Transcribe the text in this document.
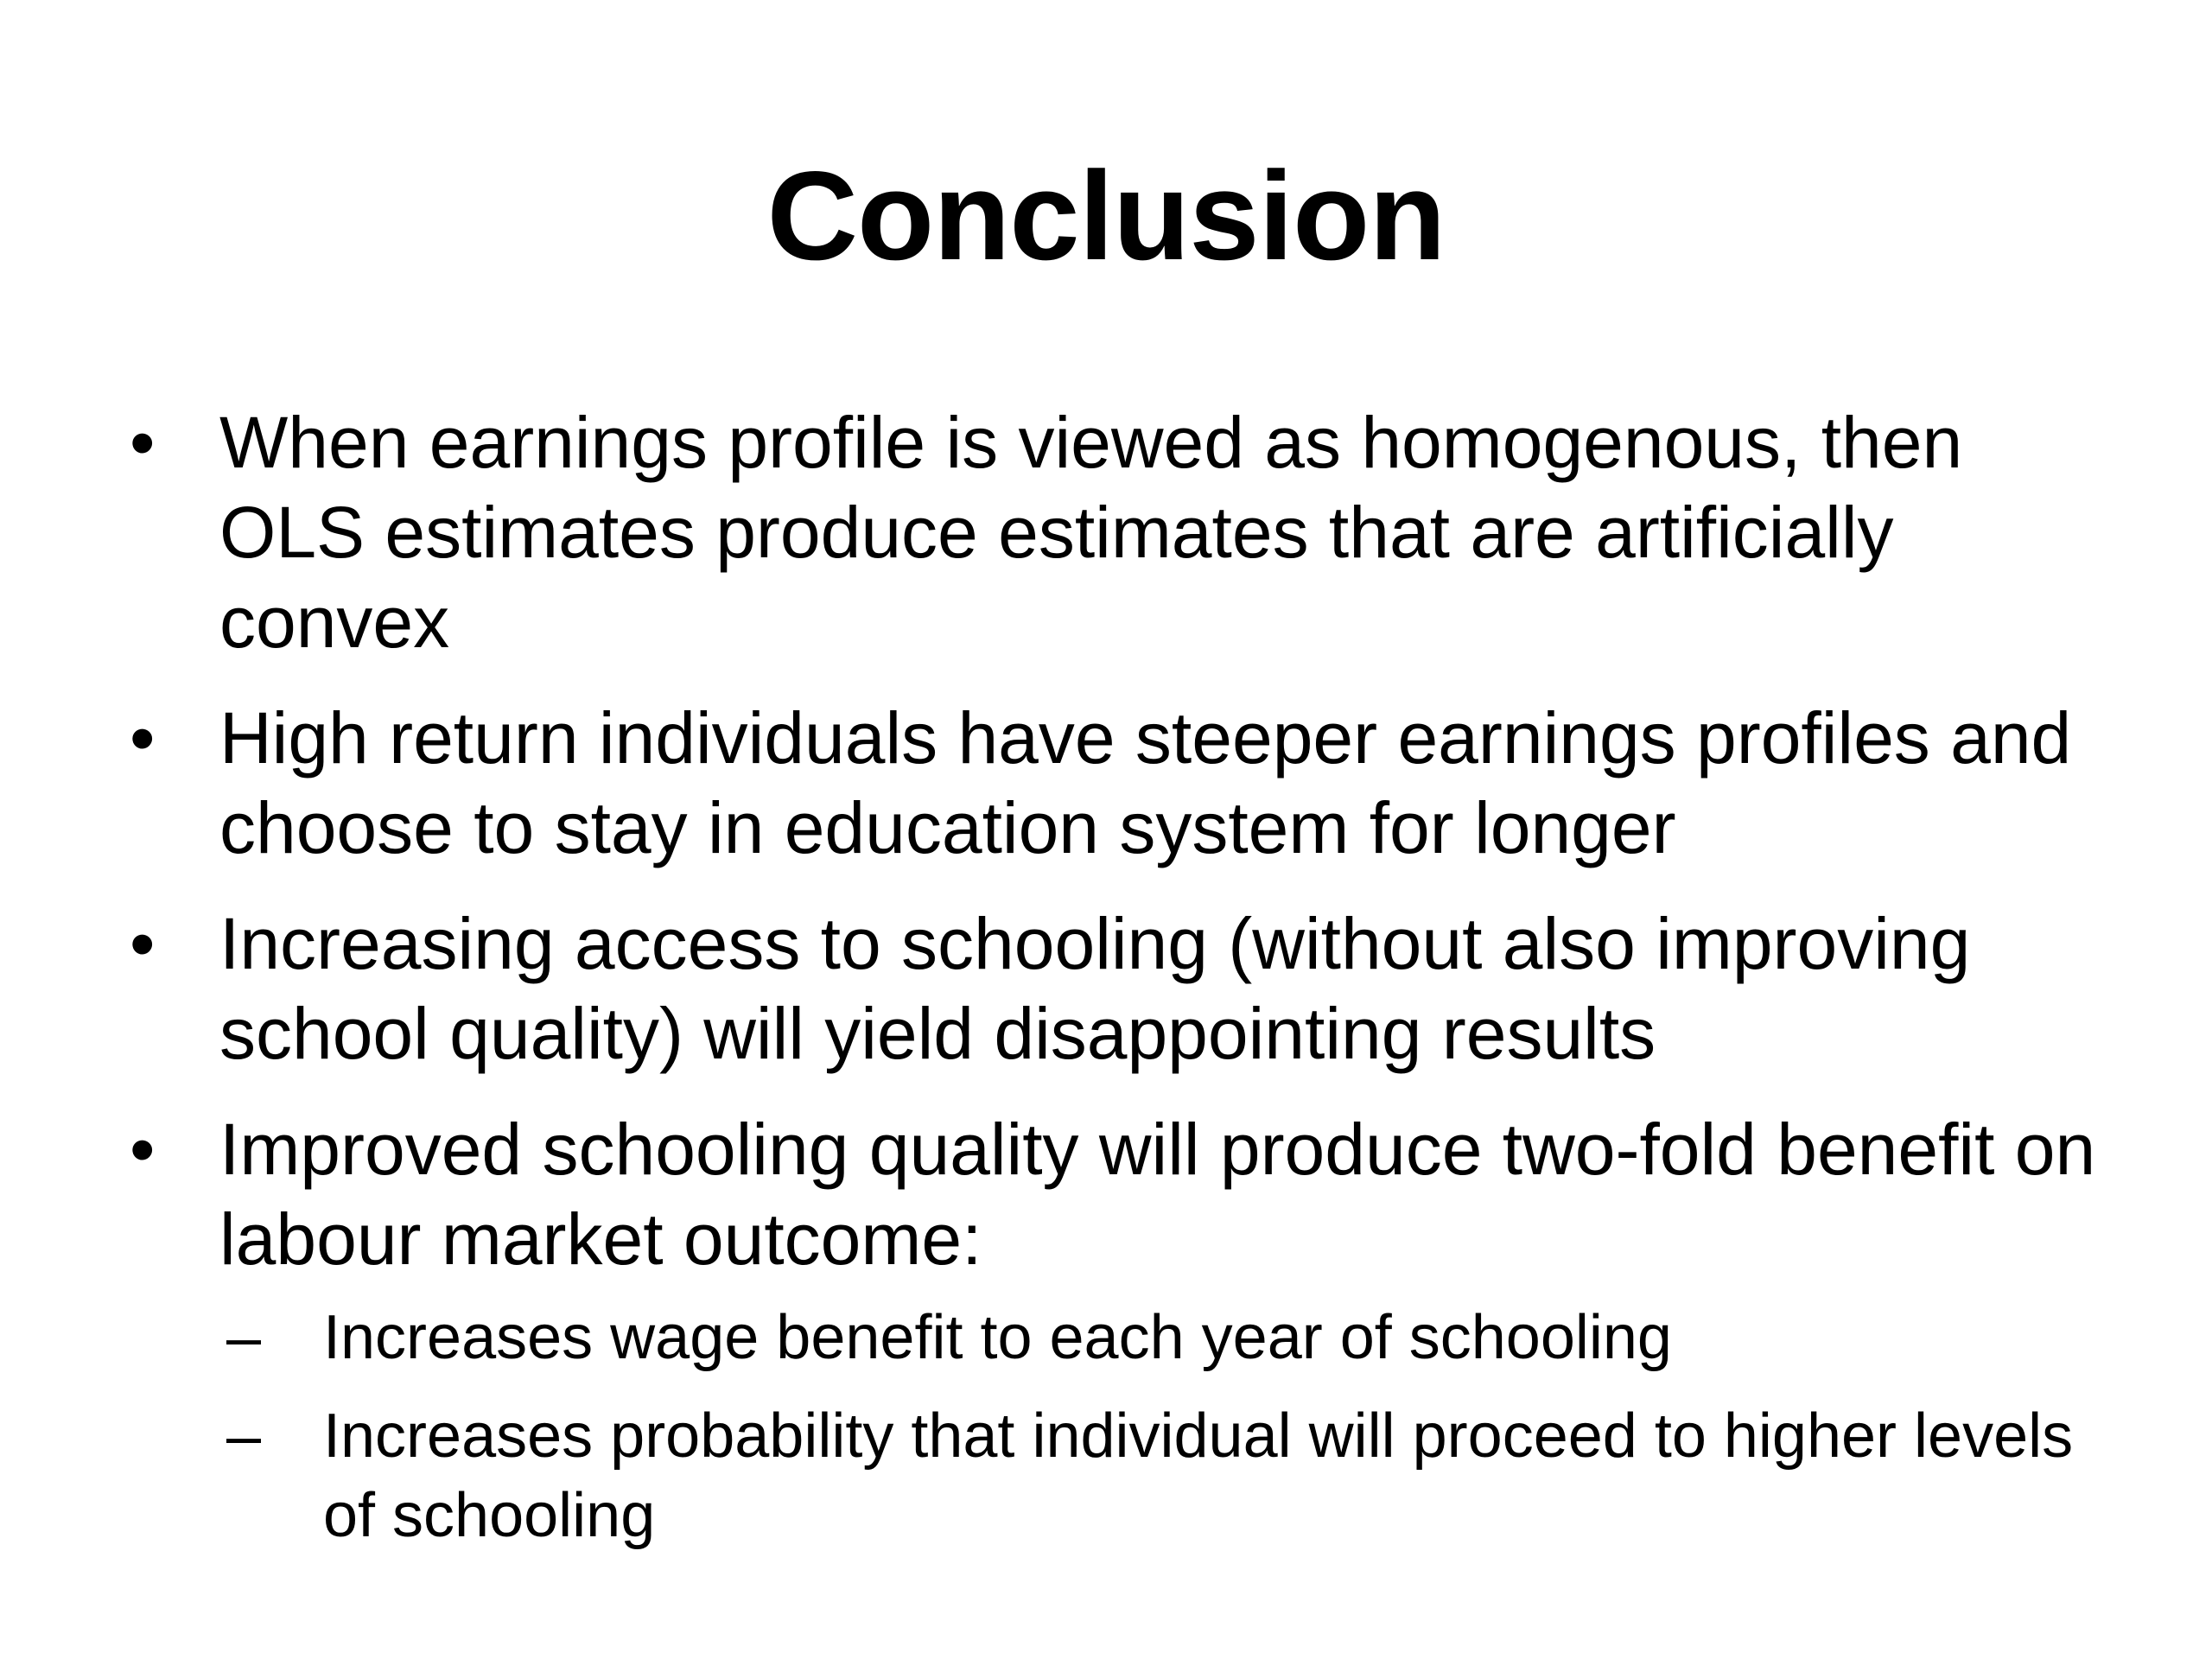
Conclusion
• When earnings profile is viewed as homogenous, then OLS estimates produce estimates that are artificially convex
• High return individuals have steeper earnings profiles and choose to stay in education system for longer
• Increasing access to schooling (without also improving school quality) will yield disappointing results
• Improved schooling quality will produce two-fold benefit on labour market outcome:
– Increases wage benefit to each year of schooling
– Increases probability that individual will proceed to higher levels of schooling
